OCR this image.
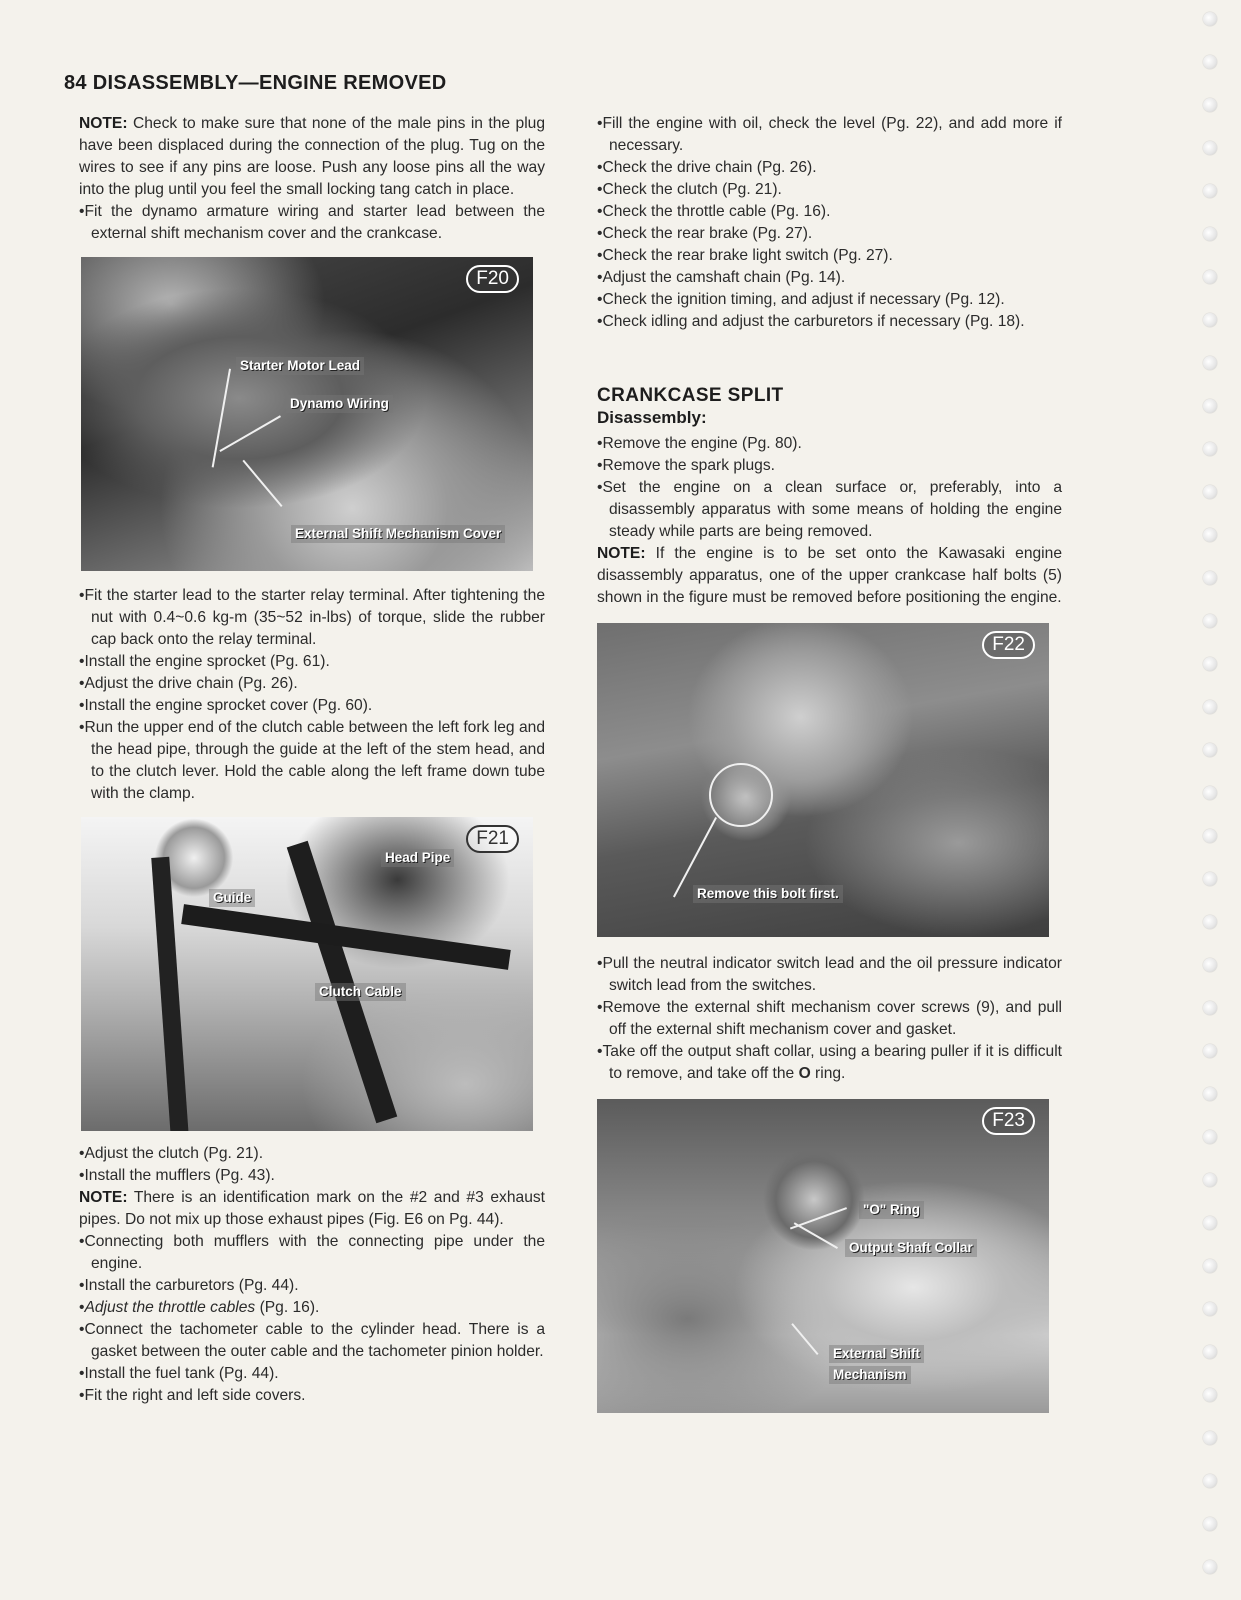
84 DISASSEMBLY—ENGINE REMOVED

NOTE: Check to make sure that none of the male pins in the plug have been displaced during the connection of the plug. Tug on the wires to see if any pins are loose. Push any loose pins all the way into the plug until you feel the small locking tang catch in place.

• Fit the dynamo armature wiring and starter lead between the external shift mechanism cover and the crankcase.

F20
Starter Motor Lead
Dynamo Wiring
External Shift Mechanism Cover

• Fit the starter lead to the starter relay terminal. After tightening the nut with 0.4~0.6 kg-m (35~52 in-lbs) of torque, slide the rubber cap back onto the relay terminal.

• Install the engine sprocket (Pg. 61).

• Adjust the drive chain (Pg. 26).

• Install the engine sprocket cover (Pg. 60).

• Run the upper end of the clutch cable between the left fork leg and the head pipe, through the guide at the left of the stem head, and to the clutch lever. Hold the cable along the left frame down tube with the clamp.

F21
Head Pipe
Guide
Clutch Cable

• Adjust the clutch (Pg. 21).

• Install the mufflers (Pg. 43).

NOTE: There is an identification mark on the #2 and #3 exhaust pipes. Do not mix up those exhaust pipes (Fig. E6 on Pg. 44).

• Connecting both mufflers with the connecting pipe under the engine.

• Install the carburetors (Pg. 44).

• Adjust the throttle cables (Pg. 16).

• Connect the tachometer cable to the cylinder head. There is a gasket between the outer cable and the tachometer pinion holder.

• Install the fuel tank (Pg. 44).

• Fit the right and left side covers.

• Fill the engine with oil, check the level (Pg. 22), and add more if necessary.

• Check the drive chain (Pg. 26).

• Check the clutch (Pg. 21).

• Check the throttle cable (Pg. 16).

• Check the rear brake (Pg. 27).

• Check the rear brake light switch (Pg. 27).

• Adjust the camshaft chain (Pg. 14).

• Check the ignition timing, and adjust if necessary (Pg. 12).

• Check idling and adjust the carburetors if necessary (Pg. 18).

CRANKCASE SPLIT
Disassembly:

• Remove the engine (Pg. 80).

• Remove the spark plugs.

• Set the engine on a clean surface or, preferably, into a disassembly apparatus with some means of holding the engine steady while parts are being removed.

NOTE: If the engine is to be set onto the Kawasaki engine disassembly apparatus, one of the upper crankcase half bolts (5) shown in the figure must be removed before positioning the engine.

F22
Remove this bolt first.

• Pull the neutral indicator switch lead and the oil pressure indicator switch lead from the switches.

• Remove the external shift mechanism cover screws (9), and pull off the external shift mechanism cover and gasket.

• Take off the output shaft collar, using a bearing puller if it is difficult to remove, and take off the O ring.

F23
"O" Ring
Output Shaft Collar
External Shift
Mechanism
